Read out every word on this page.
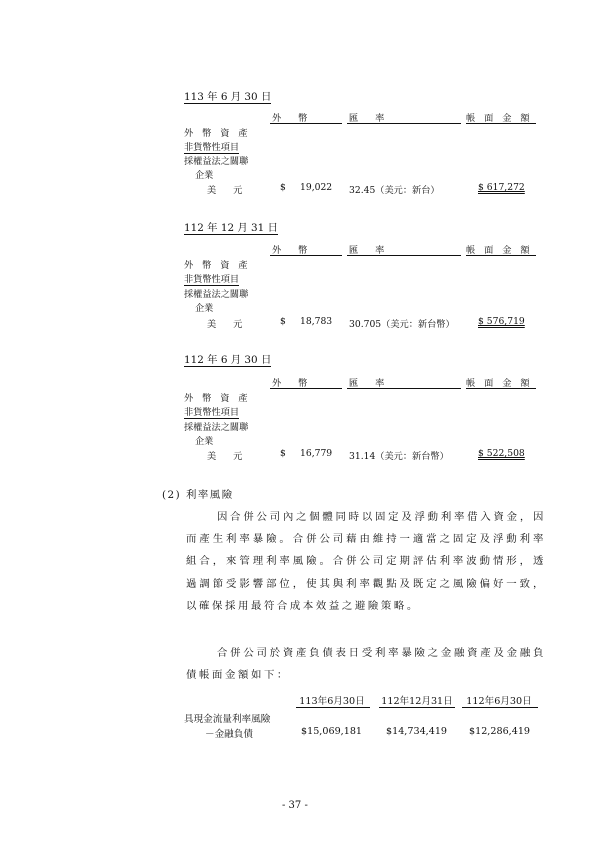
113 年 6 月 30 日
外 幣	匯 率	帳 面 金 額
外 幣 資 產
非貨幣性項目
採權益法之關聯
企業
美 元	$ 19,022 32.45（美元：新台）	$ 617,272
112 年 12 月 31 日
外 幣	匯 率	帳 面 金 額
外 幣 資 產
非貨幣性項目
採權益法之關聯
企業
美 元	$ 18,783 30.705（美元：新台幣）	$ 576,719
112 年 6 月 30 日
外 幣	匯 率	帳 面 金 額
外 幣 資 產
非貨幣性項目
採權益法之關聯
企業
美 元	$ 16,779 31.14（美元：新台幣）	$ 522,508
(2) 利率風險

因合併公司內之個體同時以固定及浮動利率借入資金，因而產生利率暴險。合併公司藉由維持一適當之固定及浮動利率組合，來管理利率風險。合併公司定期評估利率波動情形，透過調節受影響部位，使其與利率觀點及既定之風險偏好一致，以確保採用最符合成本效益之避險策略。

合併公司於資產負債表日受利率暴險之金融資產及金融負債帳面金額如下：

113年6月30日	112年12月31日	112年6月30日
具現金流量利率風險
－金融負債	$15,069,181 $14,734,419 $12,286,419
- 37 -
